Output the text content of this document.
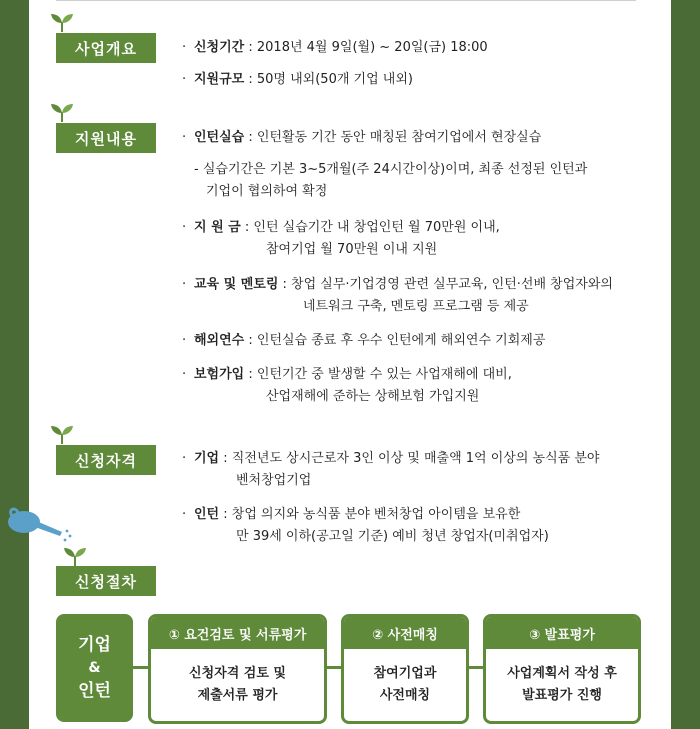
사업개요
지원내용
신청자격
신청절차
· 신청기간 : 2018년 4월 9일(월) ~ 20일(금) 18:00
· 지원규모 : 50명 내외(50개 기업 내외)
· 인턴실습 : 인턴활동 기간 동안 매칭된 참여기업에서 현장실습
- 실습기간은 기본 3~5개월(주 24시간이상)이며, 최종 선정된 인턴과
기업이 협의하여 확정
· 지 원 금 : 인턴 실습기간 내 창업인턴 월 70만원 이내,
참여기업 월 70만원 이내 지원
· 교육 및 멘토링 : 창업 실무·기업경영 관련 실무교육, 인턴·선배 창업자와의
네트워크 구축, 멘토링 프로그램 등 제공
· 해외연수 : 인턴실습 종료 후 우수 인턴에게 해외연수 기회제공
· 보험가입 : 인턴기간 중 발생할 수 있는 사업재해에 대비,
산업재해에 준하는 상해보험 가입지원
· 기업 : 직전년도 상시근로자 3인 이상 및 매출액 1억 이상의 농식품 분야
벤처창업기업
· 인턴 : 창업 의지와 농식품 분야 벤처창업 아이템을 보유한
만 39세 이하(공고일 기준) 예비 청년 창업자(미취업자)
기업
&
인턴
① 요건검토 및 서류평가
신청자격 검토 및
제출서류 평가
② 사전매칭
참여기업과
사전매칭
③ 발표평가
사업계획서 작성 후
발표평가 진행
